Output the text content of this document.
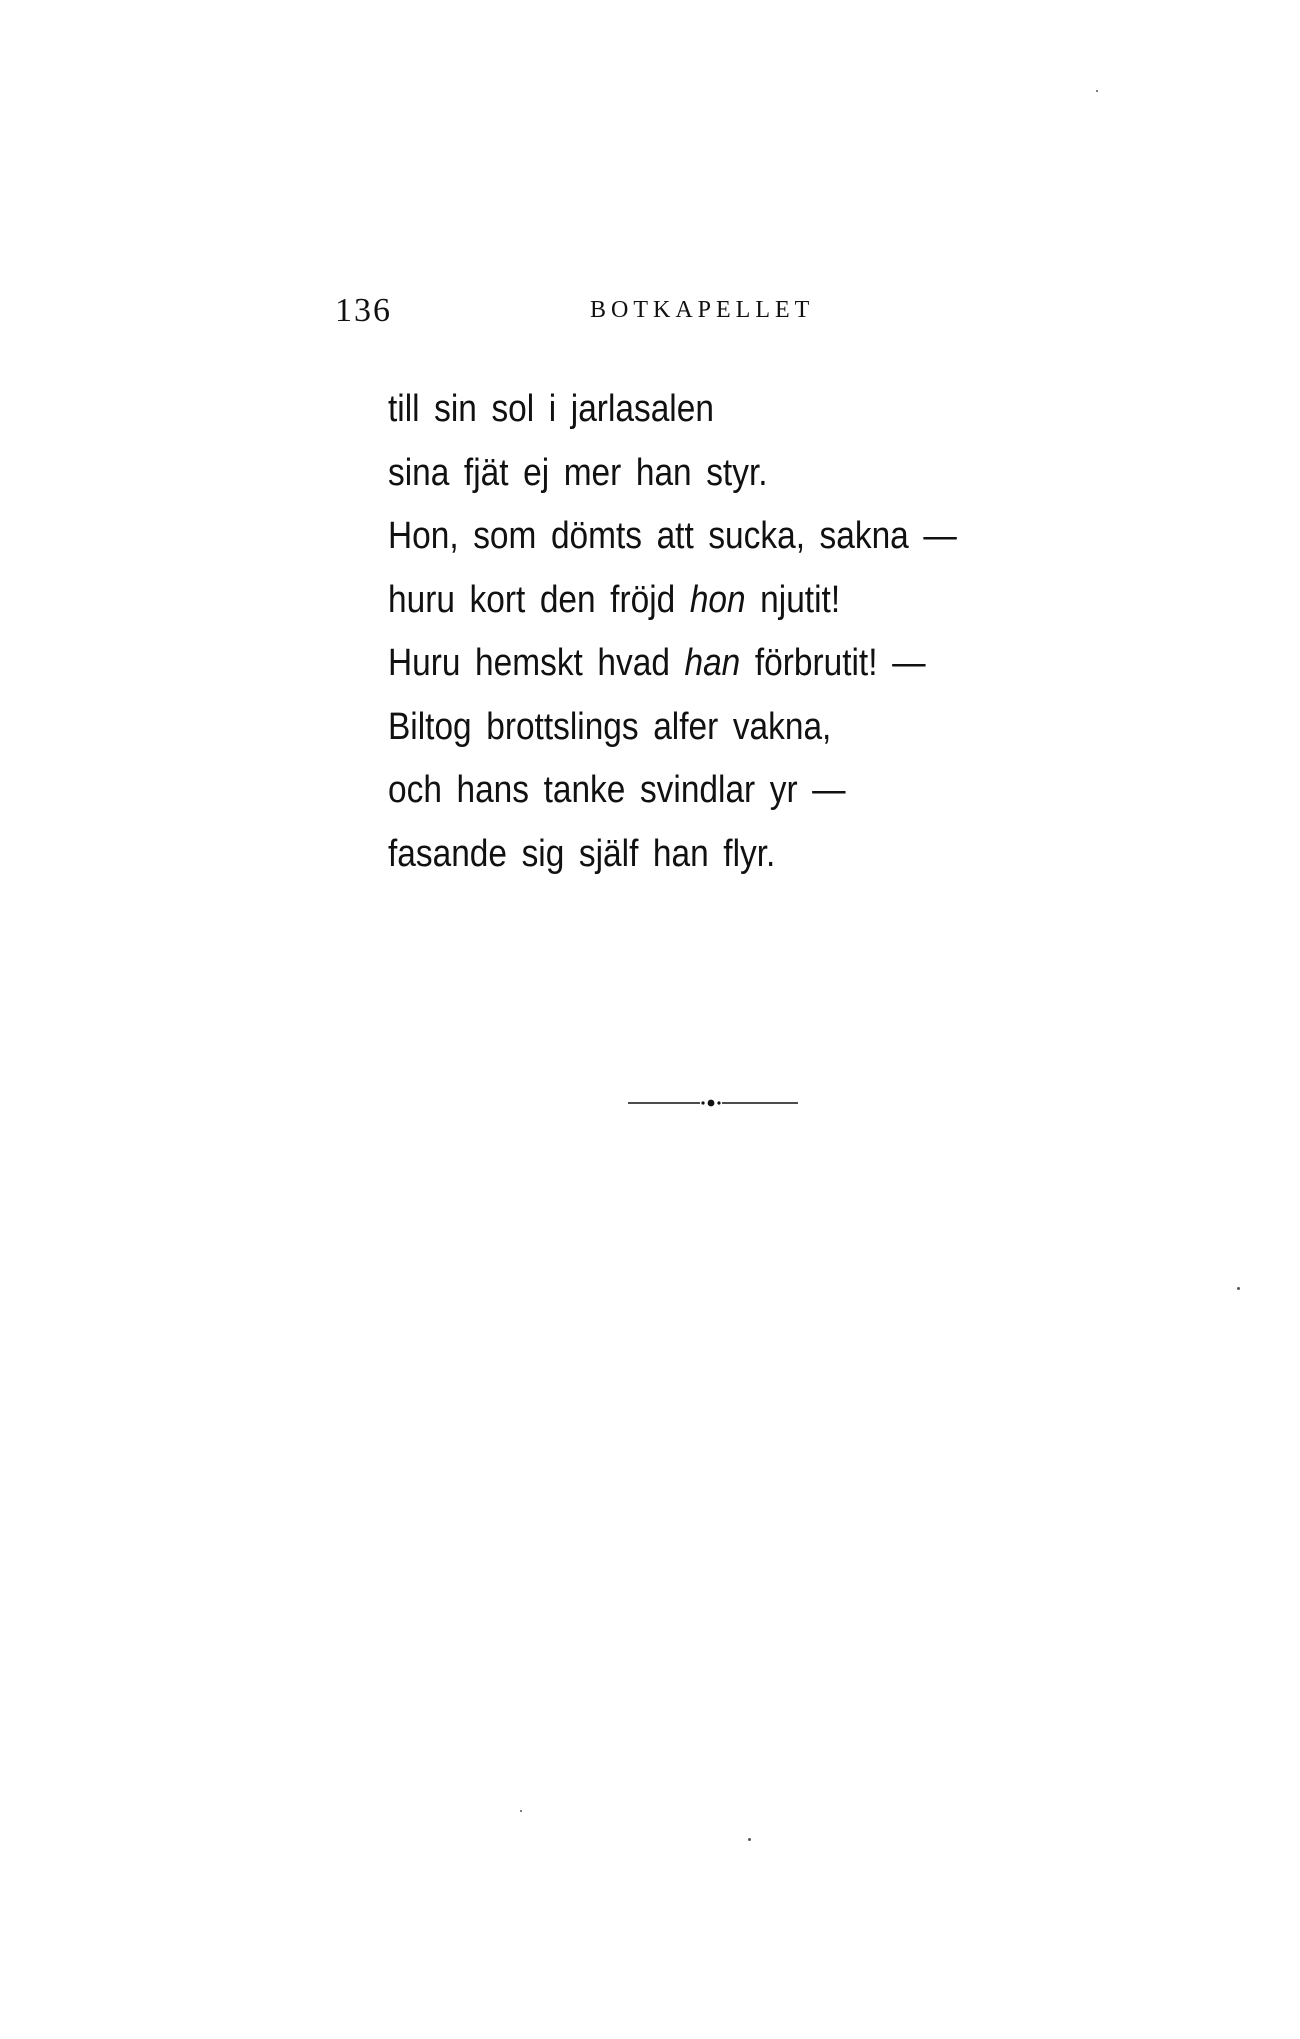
136	BOTKAPELLET
till sin sol i jarlasalen
sina fjät ej mer han styr.
Hon, som dömts att sucka, sakna —
huru kort den fröjd hon njutit!
Huru hemskt hvad han förbrutit! —
Biltog brottslings alfer vakna,
och hans tanke svindlar yr —
fasande sig själf han flyr.
